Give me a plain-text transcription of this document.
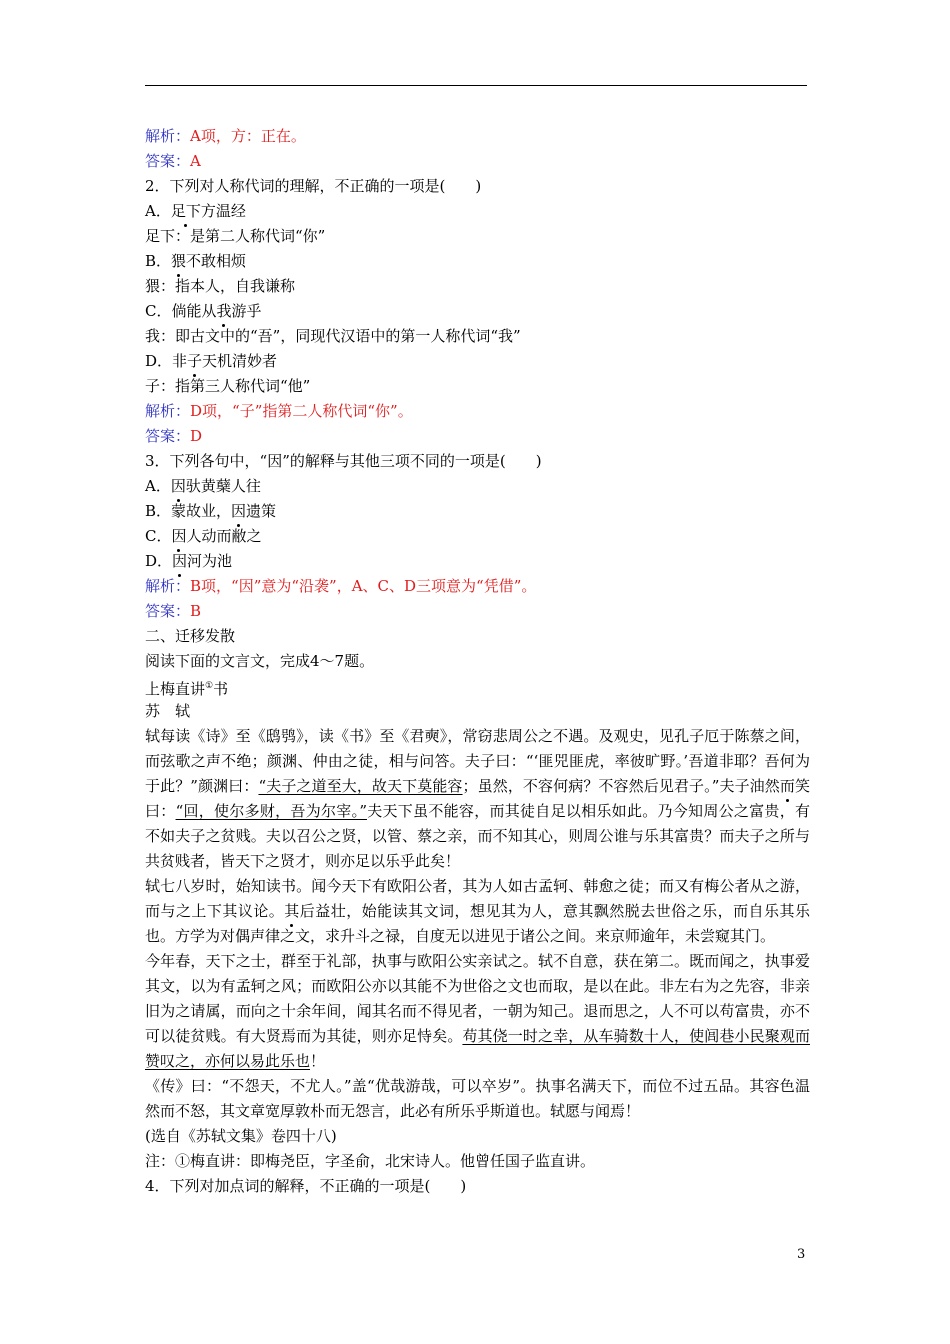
解析：A项，方：正在。
答案：A
2．下列对人称代词的理解，不正确的一项是(　　)
A．足下方温经
足下：是第二人称代词“你”
B．猥不敢相烦
猥：指本人，自我谦称
C．倘能从我游乎
我：即古文中的“吾”，同现代汉语中的第一人称代词“我”
D．非子天机清妙者
子：指第三人称代词“他”
解析：D项，“子”指第二人称代词“你”。
答案：D
3．下列各句中，“因”的解释与其他三项不同的一项是(　　)
A．因驮黄蘖人往
B．蒙故业，因遗策
C．因人动而敝之
D．因河为池
解析：B项，“因”意为“沿袭”，A、C、D三项意为“凭借”。
答案：B
二、迁移发散
阅读下面的文言文，完成4～7题。
上梅直讲①书
苏　轼
轼每读《诗》至《鸱鸮》，读《书》至《君奭》，常窃悲周公之不遇。及观史，见孔子厄于陈蔡之间，而弦歌之声不绝；颜渊、仲由之徒，相与问答。夫子曰：“‘匪兕匪虎，率彼旷野。’吾道非耶？吾何为于此？”颜渊曰：“夫子之道至大，故天下莫能容；虽然，不容何病？不容然后见君子。”夫子油然而笑曰：“回，使尔多财，吾为尔宰。”夫天下虽不能容，而其徒自足以相乐如此。乃今知周公之富贵，有不如夫子之贫贱。夫以召公之贤，以管、蔡之亲，而不知其心，则周公谁与乐其富贵？而夫子之所与共贫贱者，皆天下之贤才，则亦足以乐乎此矣！
轼七八岁时，始知读书。闻今天下有欧阳公者，其为人如古孟轲、韩愈之徒；而又有梅公者从之游，而与之上下其议论。其后益壮，始能读其文词，想见其为人，意其飘然脱去世俗之乐，而自乐其乐也。方学为对偶声律之文，求升斗之禄，自度无以进见于诸公之间。来京师逾年，未尝窥其门。
今年春，天下之士，群至于礼部，执事与欧阳公实亲试之。轼不自意，获在第二。既而闻之，执事爱其文，以为有孟轲之风；而欧阳公亦以其能不为世俗之文也而取，是以在此。非左右为之先容，非亲旧为之请属，而向之十余年间，闻其名而不得见者，一朝为知己。退而思之，人不可以苟富贵，亦不可以徒贫贱。有大贤焉而为其徒，则亦足恃矣。苟其侥一时之幸，从车骑数十人，使闾巷小民聚观而赞叹之，亦何以易此乐也！
《传》曰：“不怨天，不尤人。”盖“优哉游哉，可以卒岁”。执事名满天下，而位不过五品。其容色温然而不怒，其文章宽厚敦朴而无怨言，此必有所乐乎斯道也。轼愿与闻焉！
(选自《苏轼文集》卷四十八)
注：①梅直讲：即梅尧臣，字圣俞，北宋诗人。他曾任国子监直讲。
4．下列对加点词的解释，不正确的一项是(　　)
3
